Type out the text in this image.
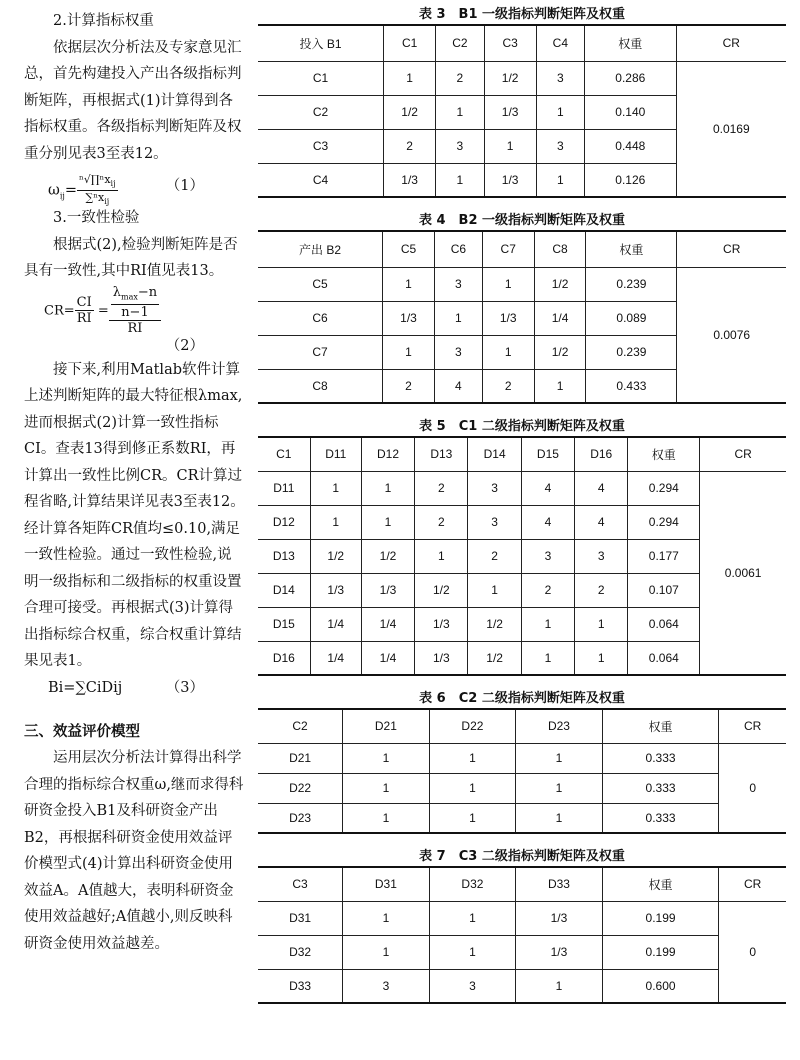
2.计算指标权重

依据层次分析法及专家意见汇总，首先构建投入产出各级指标判断矩阵，再根据式(1)计算得到各指标权重。各级指标判断矩阵及权重分别见表3至表12。

$\omega_{ij}= \frac{^n√\prod^nx_{ij}}{\sum^nx_{ij}}$	（1）

3.一致性检验

根据式(2),检验判断矩阵是否具有一致性,其中RI值见表13。

$CR= \frac{CI}{RI}$ =
$\lambda_{max}-n$
n−1
RI
（2）

接下来,利用Matlab软件计算上述判断矩阵的最大特征根λmax,进而根据式(2)计算一致性指标CI。查表13得到修正系数RI，再计算出一致性比例CR。CR计算过程省略,计算结果详见表3至表12。经计算各矩阵CR值均≤0.10,满足一致性检验。通过一致性检验,说明一级指标和二级指标的权重设置合理可接受。再根据式(3)计算得出指标综合权重，综合权重计算结果见表1。

Bi=∑CiDij	（3）

三、效益评价模型

运用层次分析法计算得出科学合理的指标综合权重ω,继而求得科研资金投入B1及科研资金产出B2，再根据科研资金使用效益评价模型式(4)计算出科研资金使用效益A。A值越大，表明科研资金使用效益越好;A值越小,则反映科研资金使用效益越差。

表 3　B1 一级指标判断矩阵及权重
投入 B1	C1	C2	C3	C4	权重	CR
C1	1	2	1/2	3	0.286	0.0169
C2	1/2	1	1/3	1	0.140	
C3	2	3	1	3	0.448	
C4	1/3	1	1/3	1	0.126	
表 4　B2 一级指标判断矩阵及权重
产出 B2	C5	C6	C7	C8	权重	CR
C5	1	3	1	1/2	0.239	0.0076
C6	1/3	1	1/3	1/4	0.089	
C7	1	3	1	1/2	0.239	
C8	2	4	2	1	0.433	
表 5　C1 二级指标判断矩阵及权重
C1	D11	D12	D13	D14	D15	D16	权重	CR
D11	1	1	2	3	4	4	0.294	0.0061
D12	1	1	2	3	4	4	0.294	
D13	1/2	1/2	1	2	3	3	0.177	
D14	1/3	1/3	1/2	1	2	2	0.107	
D15	1/4	1/4	1/3	1/2	1	1	0.064	
D16	1/4	1/4	1/3	1/2	1	1	0.064	
表 6　C2 二级指标判断矩阵及权重
C2	D21	D22	D23	权重	CR
D21	1	1	1	0.333	0
D22	1	1	1	0.333	
D23	1	1	1	0.333	
表 7　C3 二级指标判断矩阵及权重
C3	D31	D32	D33	权重	CR
D31	1	1	1/3	0.199	0
D32	1	1	1/3	0.199	
D33	3	3	1	0.600	
